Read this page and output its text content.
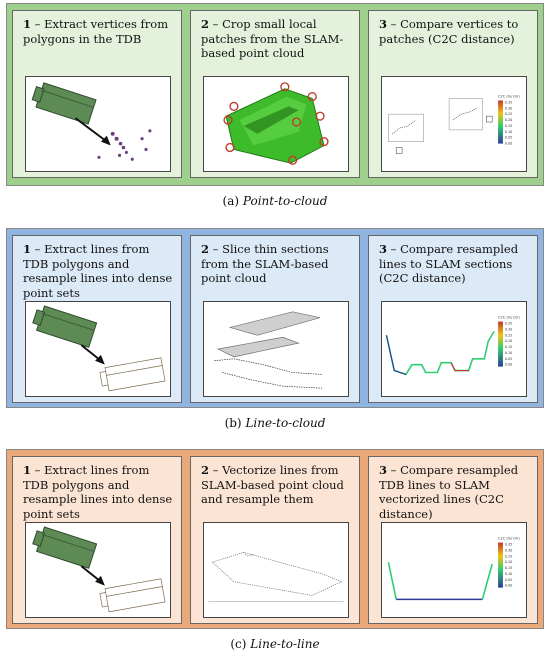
1 – Extract vertices from polygons in the TDB
2 – Crop small local patches from the SLAM-based point cloud
3 – Compare vertices to patches (C2C distance)
C2C (m/ cm)
0.35
0.30
0.25
0.20
0.15
0.10
0.05
0.00
(a) Point-to-cloud
1 – Extract lines from TDB polygons and resample lines into dense point sets
2 – Slice thin sections from the SLAM-based point cloud
3 – Compare resampled lines to SLAM sections (C2C distance)
C2C (m/ cm)
0.35
0.30
0.25
0.20
0.15
0.10
0.05
0.00
(b) Line-to-cloud
1 – Extract lines from TDB polygons and resample lines into dense point sets
2 – Vectorize lines from SLAM-based point cloud and resample them
3 – Compare resampled TDB lines to SLAM vectorized lines (C2C distance)
C2C (m/ cm)
0.35
0.30
0.25
0.20
0.15
0.10
0.05
0.00
(c) Line-to-line
